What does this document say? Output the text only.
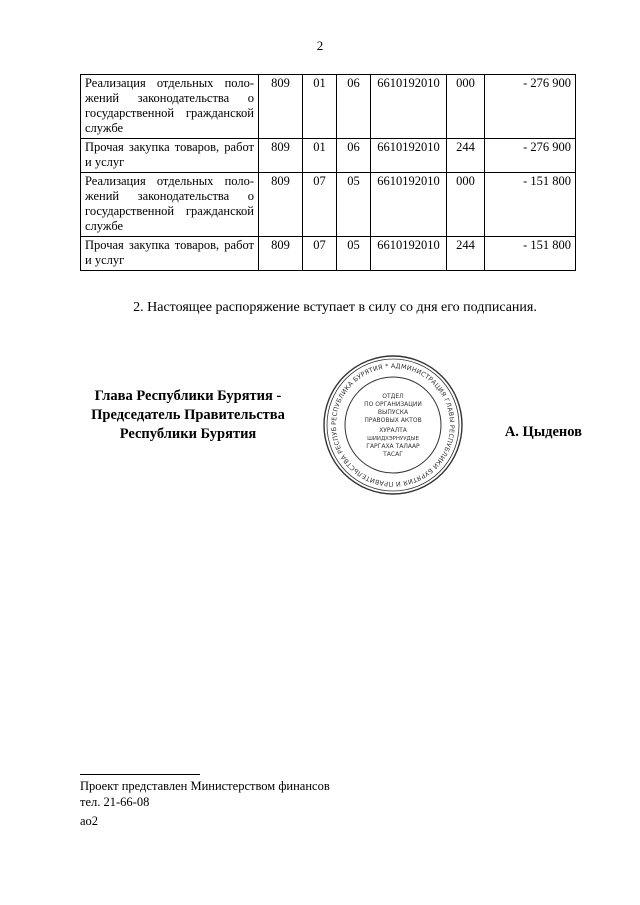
2
Реализация отдельных поло-жений законодательства о государственной гражданской службе	809	01	06	6610192010	000	- 276 900
Прочая закупка товаров, работ и услуг	809	01	06	6610192010	244	- 276 900
Реализация отдельных поло-жений законодательства о государственной гражданской службе	809	07	05	6610192010	000	- 151 800
Прочая закупка товаров, работ и услуг	809	07	05	6610192010	244	- 151 800
2. Настоящее распоряжение вступает в силу со дня его подписания.
Глава Республики Бурятия -
Председатель Правительства
Республики Бурятия
РЕСПУБЛИКА БУРЯТИЯ * АДМИНИСТРАЦИЯ ГЛАВЫ РЕСПУБЛИКИ БУРЯТИЯ И ПРАВИТЕЛЬСТВА РЕСПУБ
ОТДЕЛ
ПО ОРГАНИЗАЦИИ
ВЫПУСКА
ПРАВОВЫХ АКТОВ
ХУРАЛТА
ШИИДХЭРНУУДЫЕ
ГАРГАХА ТАЛААР
ТАСАГ
А. Цыденов
Проект представлен Министерством финансов
тел. 21-66-08
ao2
